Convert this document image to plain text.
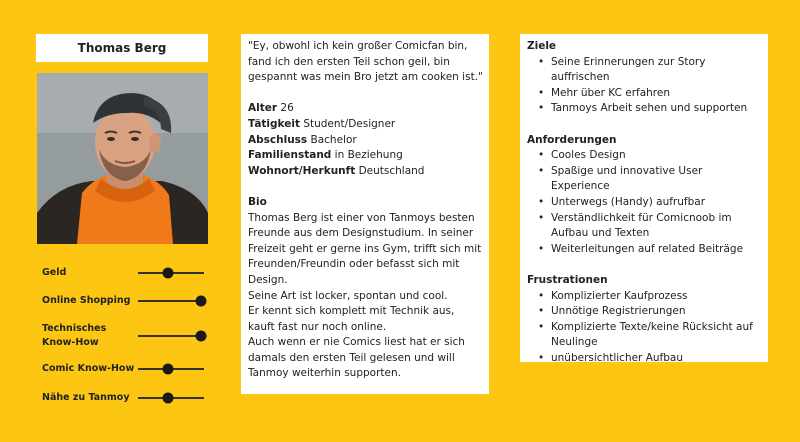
Thomas Berg
Geld
Online Shopping
Technisches Know-How
Comic Know-How
Nähe zu Tanmoy

"Ey, obwohl ich kein großer Comicfan bin, fand ich den ersten Teil schon geil, bin gespannt was mein Bro jetzt am cooken ist."

Alter 26

Tätigkeit Student/Designer

Abschluss Bachelor

Familienstand in Beziehung

Wohnort/Herkunft Deutschland

Bio

Thomas Berg ist einer von Tanmoys besten Freunde aus dem Designstudium. In seiner Freizeit geht er gerne ins Gym, trifft sich mit Freunden/Freundin oder befasst sich mit Design.

Seine Art ist locker, spontan und cool.

Er kennt sich komplett mit Technik aus, kauft fast nur noch online.

Auch wenn er nie Comics liest hat er sich damals den ersten Teil gelesen und will Tanmoy weiterhin supporten.

Ziele
• Seine Erinnerungen zur Story auffrischen
• Mehr über KC erfahren
• Tanmoys Arbeit sehen und supporten
Anforderungen
• Cooles Design
• Spaßige und innovative User Experience
• Unterwegs (Handy) aufrufbar
• Verständlichkeit für Comicnoob im Aufbau und Texten
• Weiterleitungen auf related Beiträge
Frustrationen
• Komplizierter Kaufprozess
• Unnötige Registrierungen
• Komplizierte Texte/keine Rücksicht auf Neulinge
• unübersichtlicher Aufbau
